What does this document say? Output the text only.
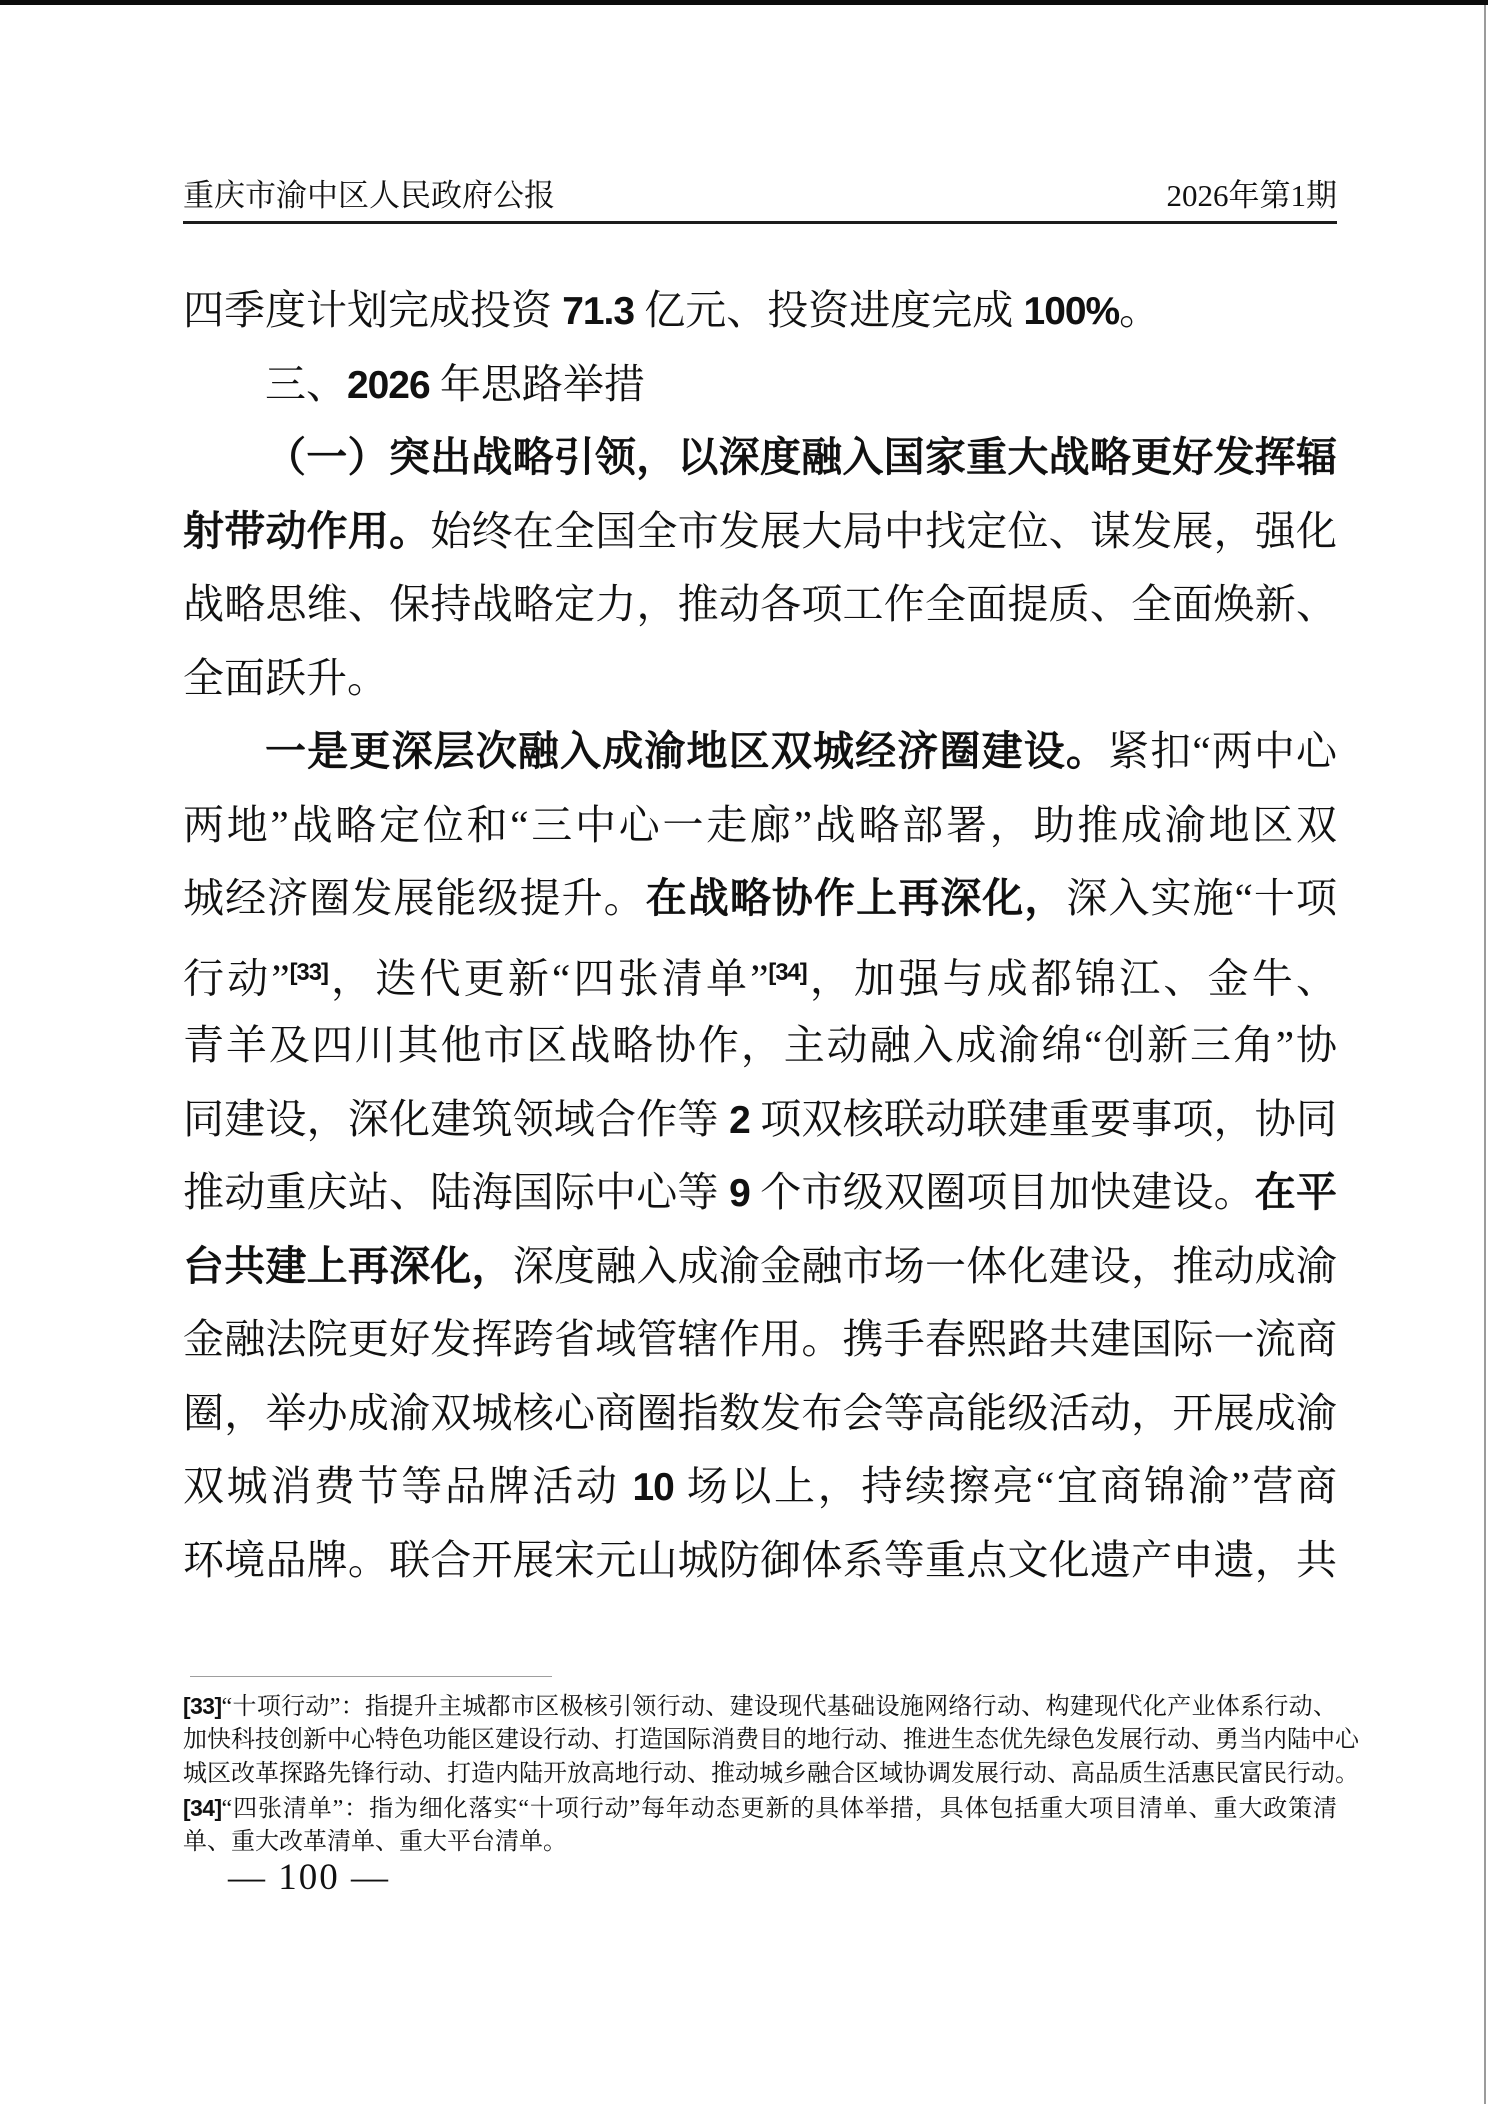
重庆市渝中区人民政府公报	2026年第1期
四季度计划完成投资 71.3 亿元、投资进度完成 100%。
三、2026 年思路举措
（一）突出战略引领，以深度融入国家重大战略更好发挥辐
射带动作用。始终在全国全市发展大局中找定位、谋发展，强化
战略思维、保持战略定力，推动各项工作全面提质、全面焕新、
全面跃升。
一是更深层次融入成渝地区双城经济圈建设。紧扣“两中心
两地”战略定位和“三中心一走廊”战略部署，助推成渝地区双
城经济圈发展能级提升。在战略协作上再深化，深入实施“十项
行动”[33]，迭代更新“四张清单”[34]，加强与成都锦江、金牛、
青羊及四川其他市区战略协作，主动融入成渝绵“创新三角”协
同建设，深化建筑领域合作等 2 项双核联动联建重要事项，协同
推动重庆站、陆海国际中心等 9 个市级双圈项目加快建设。在平
台共建上再深化，深度融入成渝金融市场一体化建设，推动成渝
金融法院更好发挥跨省域管辖作用。携手春熙路共建国际一流商
圈，举办成渝双城核心商圈指数发布会等高能级活动，开展成渝
双城消费节等品牌活动 10 场以上，持续擦亮“宜商锦渝”营商
环境品牌。联合开展宋元山城防御体系等重点文化遗产申遗，共
[33]“十项行动”：指提升主城都市区极核引领行动、建设现代基础设施网络行动、构建现代化产业体系行动、
加快科技创新中心特色功能区建设行动、打造国际消费目的地行动、推进生态优先绿色发展行动、勇当内陆中心
城区改革探路先锋行动、打造内陆开放高地行动、推动城乡融合区域协调发展行动、高品质生活惠民富民行动。
[34]“四张清单”：指为细化落实“十项行动”每年动态更新的具体举措，具体包括重大项目清单、重大政策清
单、重大改革清单、重大平台清单。
— 100 —
